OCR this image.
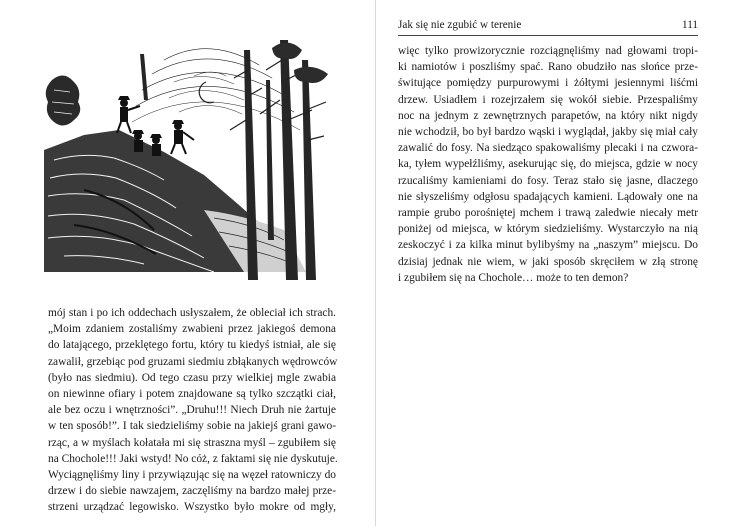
mój stan i po ich oddechach usłyszałem, że obleciał ich strach.
„Moim zdaniem zostaliśmy zwabieni przez jakiegoś demona
do latającego, przeklętego fortu, który tu kiedyś istniał, ale się
zawalił, grzebiąc pod gruzami siedmiu zbłąkanych wędrowców
(było nas siedmiu). Od tego czasu przy wielkiej mgle zwabia
on niewinne ofiary i potem znajdowane są tylko szczątki ciał,
ale bez oczu i wnętrzności”. „Druhu!!! Niech Druh nie żartuje
w ten sposób!”. I tak siedzieliśmy sobie na jakiejś grani gawo-
rząc, a w myślach kołatała mi się straszna myśl – zgubiłem się
na Chochole!!! Jaki wstyd! No cóż, z faktami się nie dyskutuje.
Wyciągnęliśmy liny i przywiązując się na węzeł ratowniczy do
drzew i do siebie nawzajem, zaczęliśmy na bardzo małej prze-
strzeni urządzać legowisko. Wszystko było mokre od mgły,
Jak się nie zgubić w terenie	111
więc tylko prowizorycznie rozciągnęliśmy nad głowami tropi-
ki namiotów i poszliśmy spać. Rano obudziło nas słońce prze-
świtujące pomiędzy purpurowymi i żółtymi jesiennymi liśćmi
drzew. Usiadłem i rozejrzałem się wokół siebie. Przespaliśmy
noc na jednym z zewnętrznych parapetów, na który nikt nigdy
nie wchodził, bo był bardzo wąski i wyglądał, jakby się miał cały
zawalić do fosy. Na siedząco spakowaliśmy plecaki i na czwora-
ka, tyłem wypełźliśmy, asekurując się, do miejsca, gdzie w nocy
rzucaliśmy kamieniami do fosy. Teraz stało się jasne, dlaczego
nie słyszeliśmy odgłosu spadających kamieni. Lądowały one na
rampie grubo porośniętej mchem i trawą zaledwie niecały metr
poniżej od miejsca, w którym siedzieliśmy. Wystarczyło na nią
zeskoczyć i za kilka minut bylibyśmy na „naszym” miejscu. Do
dzisiaj jednak nie wiem, w jaki sposób skręciłem w złą stronę
i zgubiłem się na Chochole… może to ten demon?
